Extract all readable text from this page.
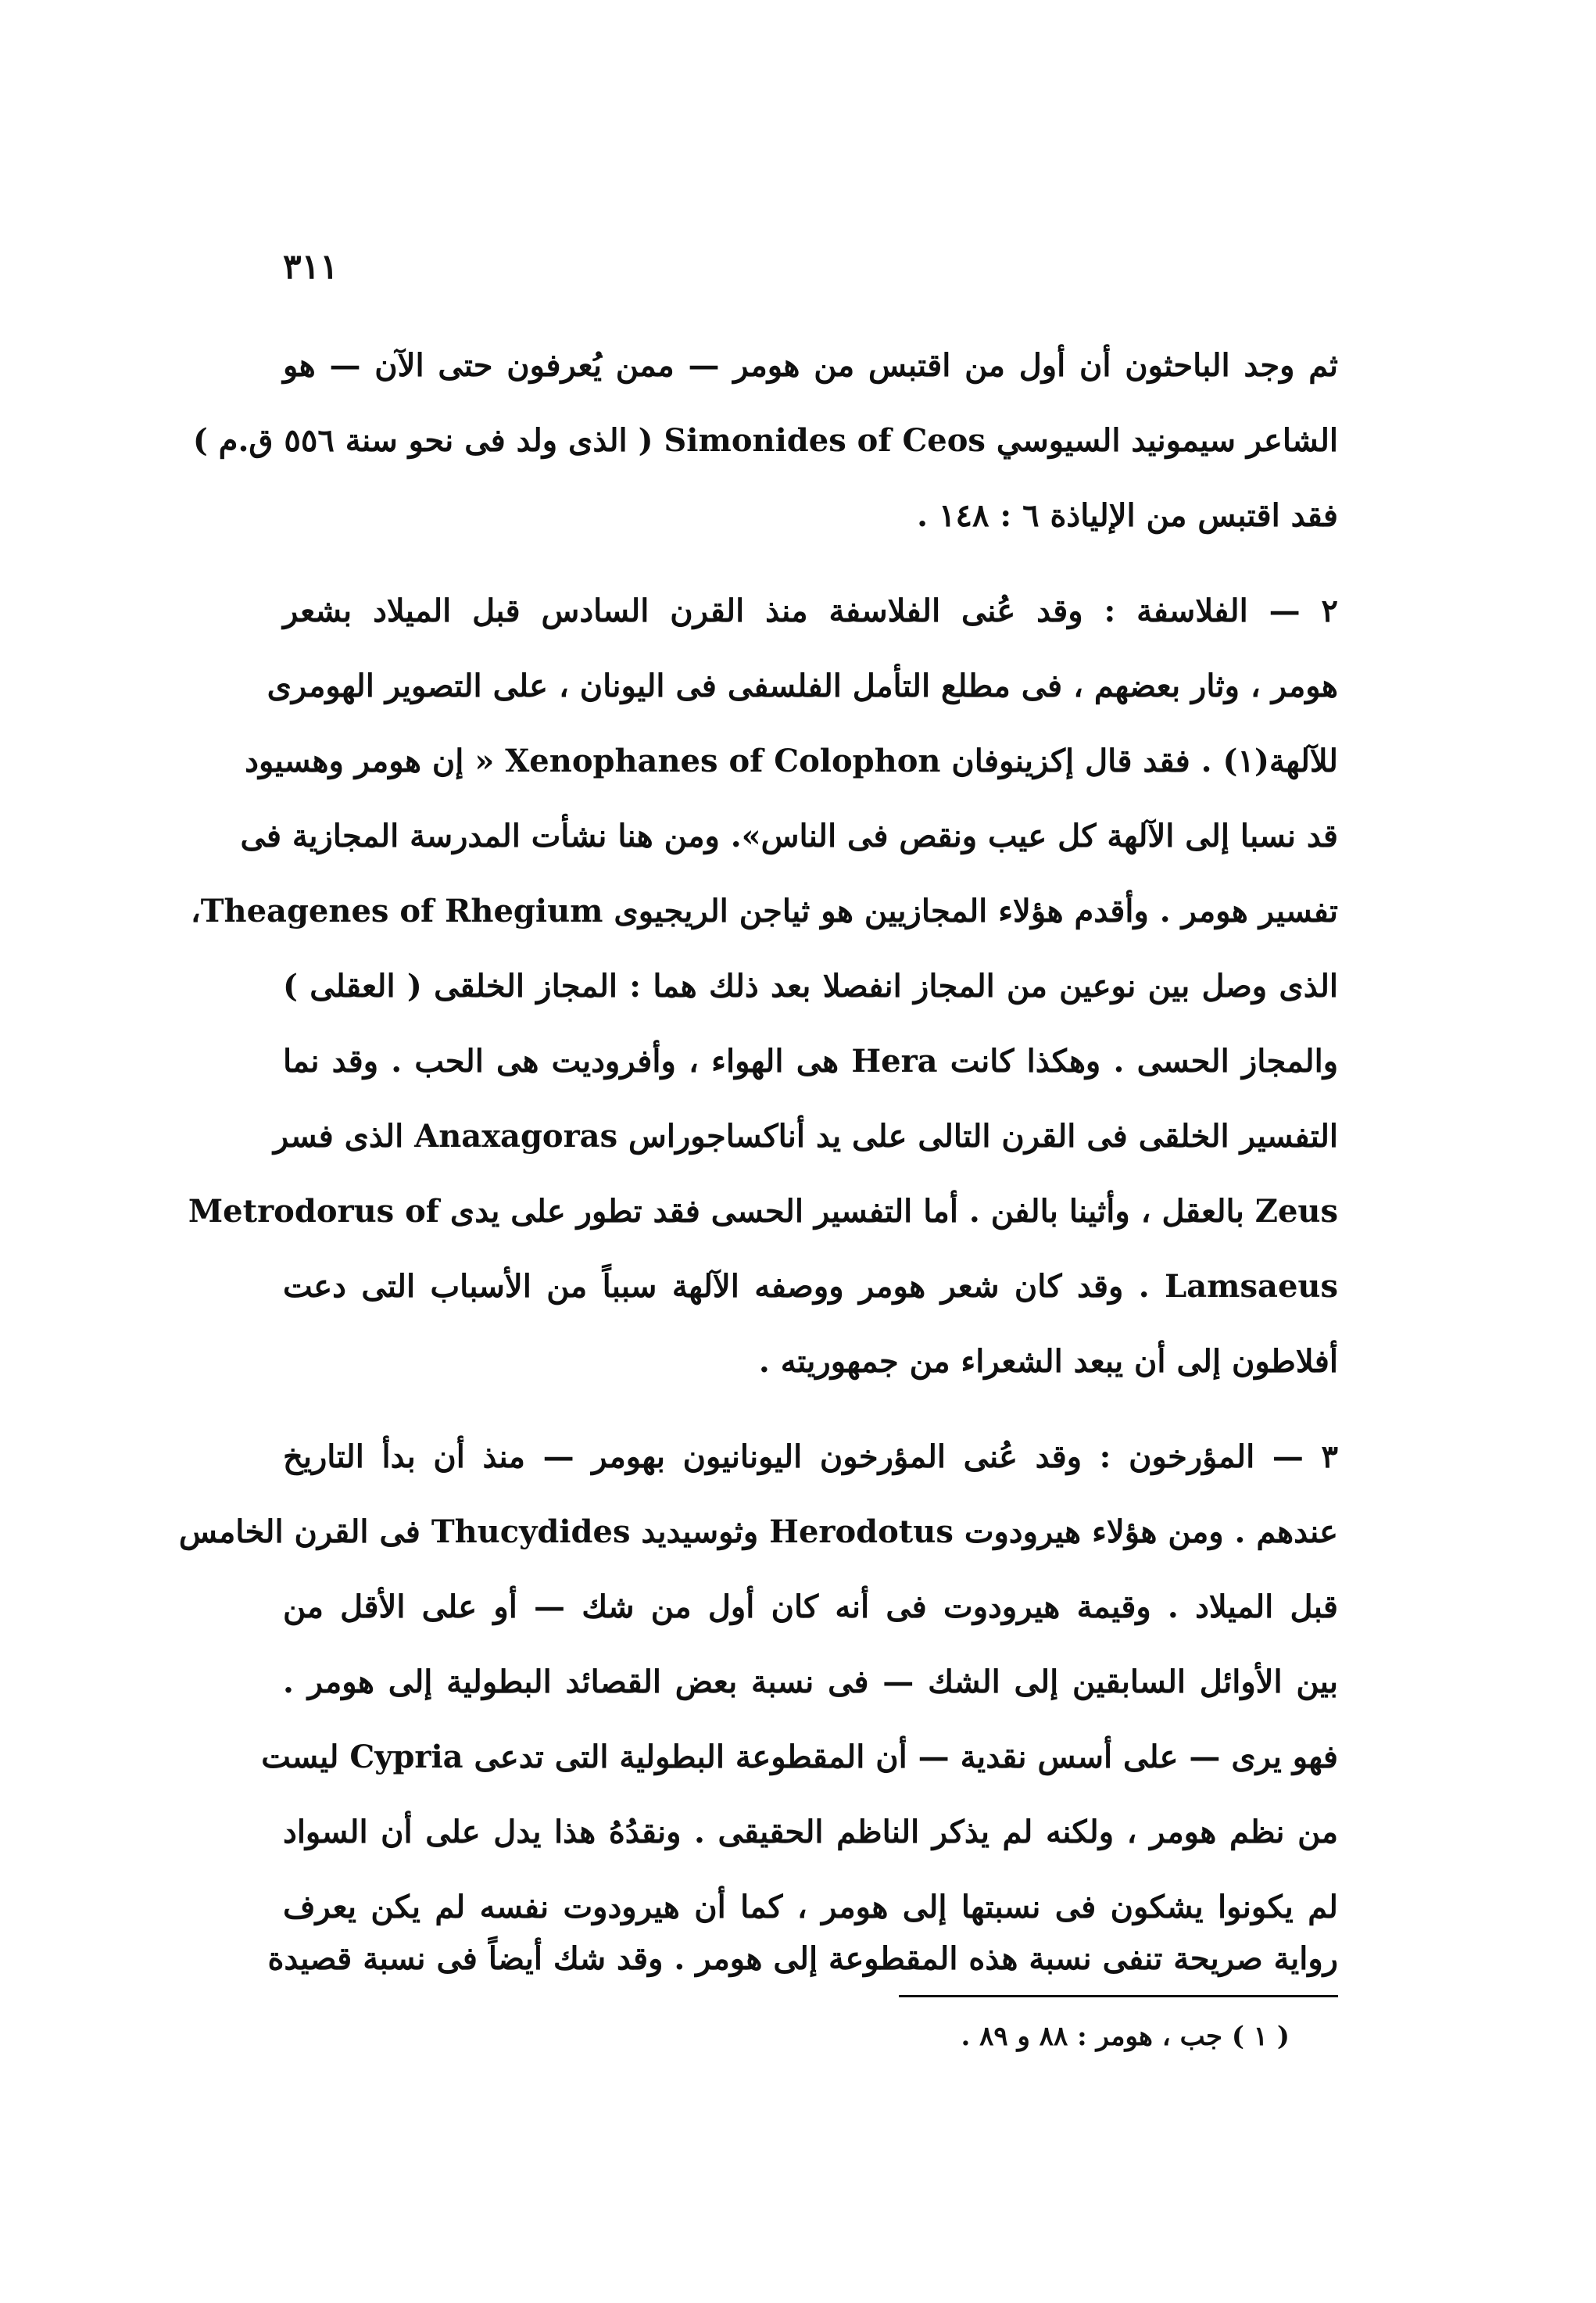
٣١١
ثم وجد الباحثون أن أول من اقتبس من هومر — ممن يُعرفون حتى الآن — هو
الشاعر سيمونيد السيوسي Simonides of Ceos ( الذى ولد فى نحو سنة ٥٥٦ ق.م )
فقد اقتبس من الإلياذة ٦ : ١٤٨ .
٢ — الفلاسفة : وقد عُنى الفلاسفة منذ القرن السادس قبل الميلاد بشعر
هومر ، وثار بعضهم ، فى مطلع التأمل الفلسفى فى اليونان ، على التصوير الهومرى
للآلهة(١) . فقد قال إكزينوفان Xenophanes of Colophon « إن هومر وهسيود
قد نسبا إلى الآلهة كل عيب ونقص فى الناس». ومن هنا نشأت المدرسة المجازية فى
تفسير هومر . وأقدم هؤلاء المجازيين هو ثياجن الريجيوى Theagenes of Rhegium،
الذى وصل بين نوعين من المجاز انفصلا بعد ذلك هما : المجاز الخلقى ( العقلى )
والمجاز الحسى . وهكذا كانت Hera هى الهواء ، وأفروديت هى الحب . وقد نما
التفسير الخلقى فى القرن التالى على يد أناكساجوراس Anaxagoras الذى فسر
Zeus بالعقل ، وأثينا بالفن . أما التفسير الحسى فقد تطور على يدى Metrodorus of
Lamsaeus . وقد كان شعر هومر ووصفه الآلهة سبباً من الأسباب التى دعت
أفلاطون إلى أن يبعد الشعراء من جمهوريته .
٣ — المؤرخون : وقد عُنى المؤرخون اليونانيون بهومر — منذ أن بدأ التاريخ
عندهم . ومن هؤلاء هيرودوت Herodotus وثوسيديد Thucydides فى القرن الخامس
قبل الميلاد . وقيمة هيرودوت فى أنه كان أول من شك — أو على الأقل من
بين الأوائل السابقين إلى الشك — فى نسبة بعض القصائد البطولية إلى هومر .
فهو يرى — على أسس نقدية — أن المقطوعة البطولية التى تدعى Cypria ليست
من نظم هومر ، ولكنه لم يذكر الناظم الحقيقى . ونقدُهُ هذا يدل على أن السواد
لم يكونوا يشكون فى نسبتها إلى هومر ، كما أن هيرودوت نفسه لم يكن يعرف
رواية صريحة تنفى نسبة هذه المقطوعة إلى هومر . وقد شك أيضاً فى نسبة قصيدة
( ١ ) جب ، هومر : ٨٨ و ٨٩ .
